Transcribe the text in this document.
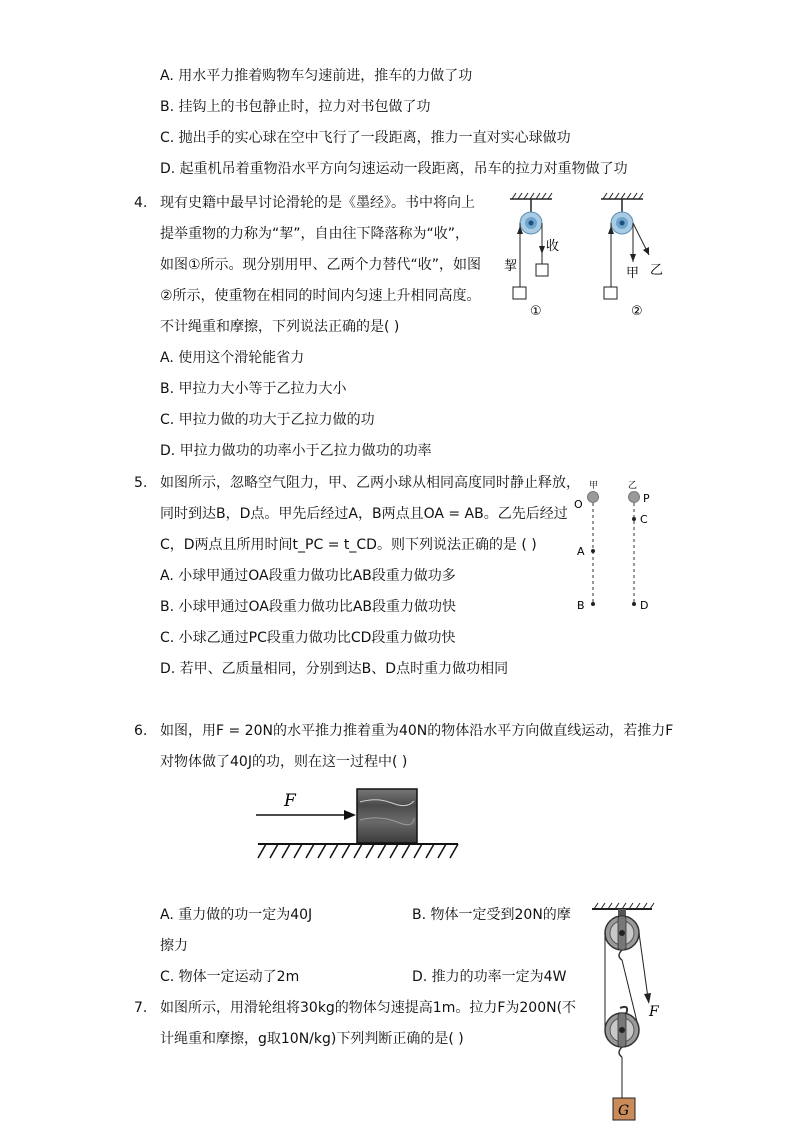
A. 用水平力推着购物车匀速前进，推车的力做了功
B. 挂钩上的书包静止时，拉力对书包做了功
C. 抛出手的实心球在空中飞行了一段距离，推力一直对实心球做功
D. 起重机吊着重物沿水平方向匀速运动一段距离，吊车的拉力对重物做了功
4. 现有史籍中最早讨论滑轮的是《墨经》。书中将向上
提举重物的力称为“挈”，自由往下降落称为“收”，
如图①所示。现分别用甲、乙两个力替代“收”，如图
②所示，使重物在相同的时间内匀速上升相同高度。
不计绳重和摩擦，下列说法正确的是( )
A. 使用这个滑轮能省力
B. 甲拉力大小等于乙拉力大小
C. 甲拉力做的功大于乙拉力做的功
D. 甲拉力做功的功率小于乙拉力做功的功率
挈
收
①
甲 乙
②
5. 如图所示，忽略空气阻力，甲、乙两小球从相同高度同时静止释放，
同时到达B，D点。甲先后经过A，B两点且OA = AB。乙先后经过
C，D两点且所用时间t_PC = t_CD。则下列说法正确的是 ( )
A. 小球甲通过OA段重力做功比AB段重力做功多
B. 小球甲通过OA段重力做功比AB段重力做功快
C. 小球乙通过PC段重力做功比CD段重力做功快
D. 若甲、乙质量相同，分别到达B、D点时重力做功相同
甲
O
A
B
乙
P
C
D
6. 如图，用F = 20N的水平推力推着重为40N的物体沿水平方向做直线运动，若推力F
对物体做了40J的功，则在这一过程中( )
F
A. 重力做的功一定为40J	B. 物体一定受到20N的摩
擦力
C. 物体一定运动了2m	D. 推力的功率一定为4W
7. 如图所示，用滑轮组将30kg的物体匀速提高1m。拉力F为200N(不
计绳重和摩擦，g取10N/kg)下列判断正确的是( )
F
G
